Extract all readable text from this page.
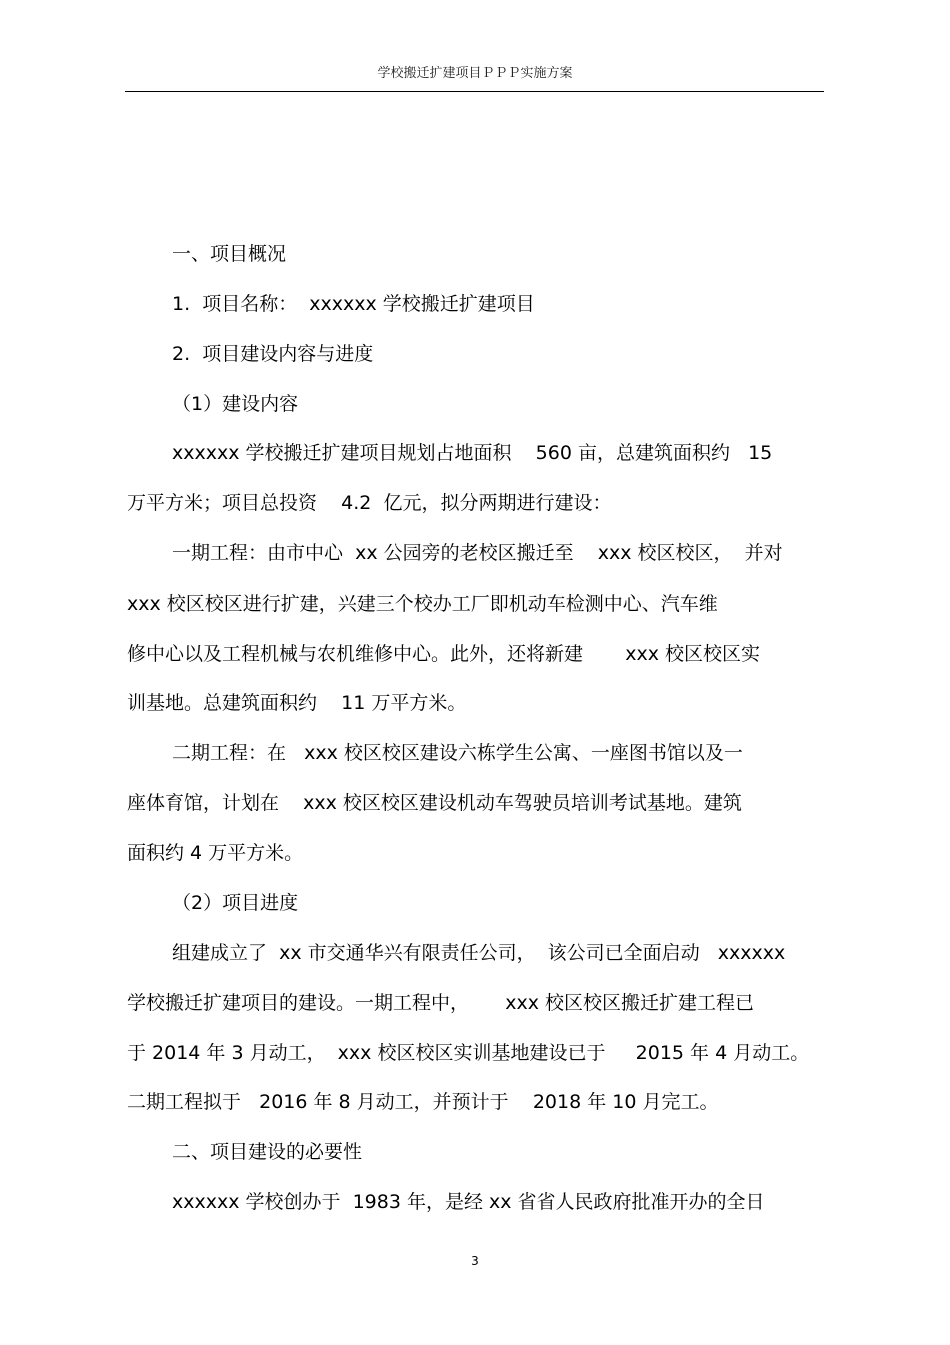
学校搬迁扩建项目ＰＰＰ实施方案
一、项目概况
1.  项目名称：  xxxxxx 学校搬迁扩建项目
2.  项目建设内容与进度
（1）建设内容
xxxxxx 学校搬迁扩建项目规划占地面积    560 亩，总建筑面积约   15
万平方米；项目总投资    4.2  亿元，拟分两期进行建设：
一期工程：由市中心  xx 公园旁的老校区搬迁至    xxx 校区校区，  并对
xxx 校区校区进行扩建，兴建三个校办工厂即机动车检测中心、汽车维
修中心以及工程机械与农机维修中心。此外，还将新建       xxx 校区校区实
训基地。总建筑面积约    11 万平方米。
二期工程：在   xxx 校区校区建设六栋学生公寓、一座图书馆以及一
座体育馆，计划在    xxx 校区校区建设机动车驾驶员培训考试基地。建筑
面积约 4 万平方米。
（2）项目进度
组建成立了  xx 市交通华兴有限责任公司，  该公司已全面启动   xxxxxx
学校搬迁扩建项目的建设。一期工程中，      xxx 校区校区搬迁扩建工程已
于 2014 年 3 月动工，  xxx 校区校区实训基地建设已于     2015 年 4 月动工。
二期工程拟于   2016 年 8 月动工，并预计于    2018 年 10 月完工。
二、项目建设的必要性
xxxxxx 学校创办于  1983 年，是经 xx 省省人民政府批准开办的全日
3
